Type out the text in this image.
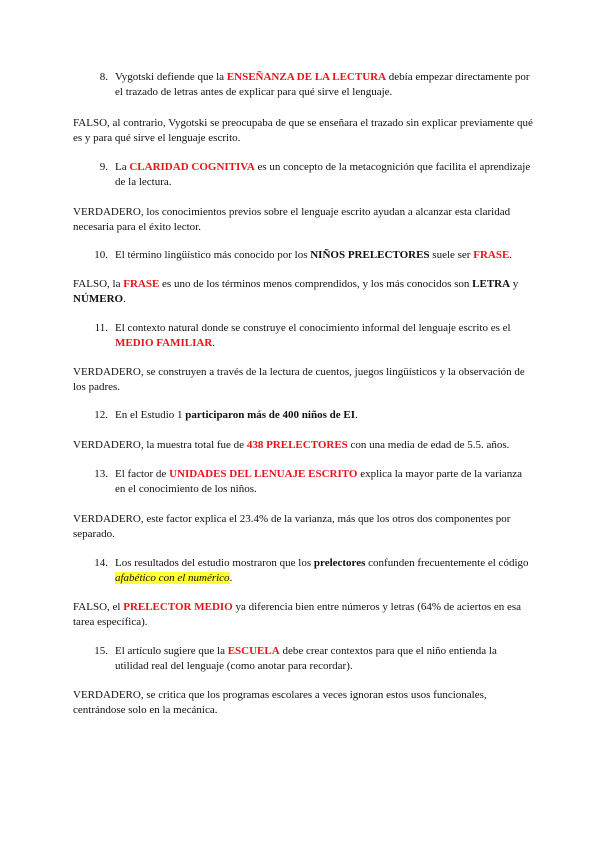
8. Vygotski defiende que la ENSEÑANZA DE LA LECTURA debía empezar directamente por el trazado de letras antes de explicar para qué sirve el lenguaje.
FALSO, al contrario, Vygotski se preocupaba de que se enseñara el trazado sin explicar previamente qué es y para qué sirve el lenguaje escrito.
9. La CLARIDAD COGNITIVA es un concepto de la metacognición que facilita el aprendizaje de la lectura.
VERDADERO, los conocimientos previos sobre el lenguaje escrito ayudan a alcanzar esta claridad necesaria para el éxito lector.
10. El término lingüístico más conocido por los NIÑOS PRELECTORES suele ser FRASE.
FALSO, la FRASE es uno de los términos menos comprendidos, y los más conocidos son LETRA y NÚMERO.
11. El contexto natural donde se construye el conocimiento informal del lenguaje escrito es el MEDIO FAMILIAR.
VERDADERO, se construyen a través de la lectura de cuentos, juegos lingüísticos y la observación de los padres.
12. En el Estudio 1 participaron más de 400 niños de EI.
VERDADERO, la muestra total fue de 438 PRELECTORES con una media de edad de 5.5. años.
13. El factor de UNIDADES DEL LENUAJE ESCRITO explica la mayor parte de la varianza en el conocimiento de los niños.
VERDADERO, este factor explica el 23.4% de la varianza, más que los otros dos componentes por separado.
14. Los resultados del estudio mostraron que los prelectores confunden frecuentemente el código afabético con el numérico.
FALSO, el PRELECTOR MEDIO ya diferencia bien entre números y letras (64% de aciertos en esa tarea específica).
15. El artículo sugiere que la ESCUELA debe crear contextos para que el niño entienda la utilidad real del lenguaje (como anotar para recordar).
VERDADERO, se critica que los programas escolares a veces ignoran estos usos funcionales, centrándose solo en la mecánica.
